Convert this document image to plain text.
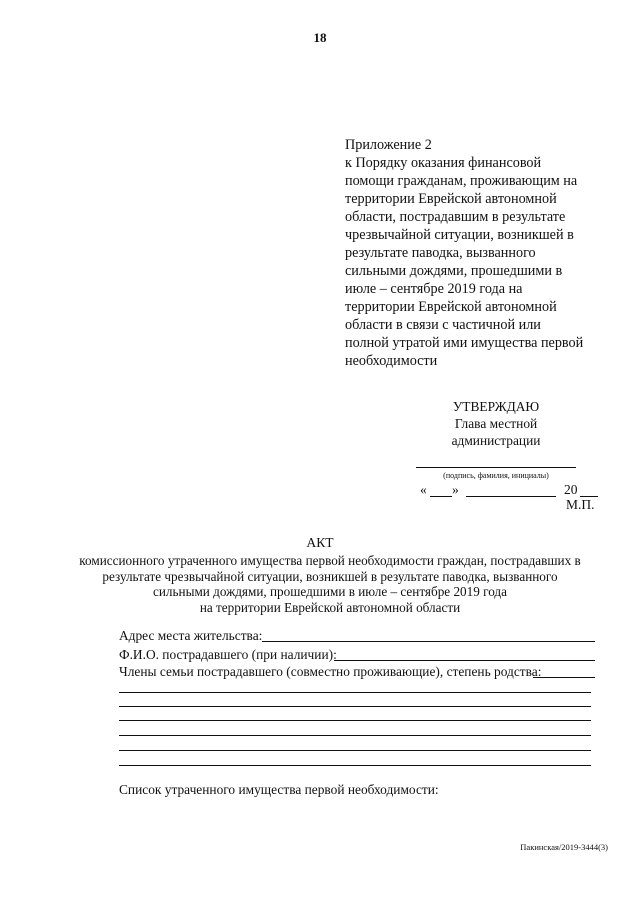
18
Приложение 2
к Порядку оказания финансовой
помощи гражданам, проживающим на
территории Еврейской автономной
области, пострадавшим в результате
чрезвычайной ситуации, возникшей в
результате паводка, вызванного
сильными дождями, прошедшими в
июле – сентябре 2019 года на
территории Еврейской автономной
области в связи с частичной или
полной утратой ими имущества первой
необходимости
УТВЕРЖДАЮ
Глава местной
администрации
(подпись, фамилия, инициалы)
« »	20
М.П.
АКТ
комиссионного утраченного имущества первой необходимости граждан, пострадавших в
результате чрезвычайной ситуации, возникшей в результате паводка, вызванного
сильными дождями, прошедшими в июле – сентябре 2019 года
на территории Еврейской автономной области
Адрес места жительства:
Ф.И.О. пострадавшего (при наличии):
Члены семьи пострадавшего (совместно проживающие), степень родства:
Список утраченного имущества первой необходимости:
Пакинская/2019-3444(3)
